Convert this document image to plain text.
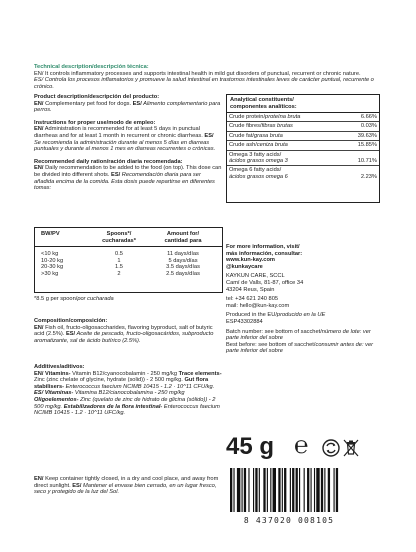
Technical description/descripción técnica:
EN/ It controls inflammatory processes and supports intestinal health in mild gut disorders of punctual, recurrent or chronic nature.
ES/ Controla los procesos inflamatorios y promueve la salud intestinal en trastornos intestinales leves de carácter puntual, recurrente o crónico.
Product description/descripción del producto:
EN/ Complementary pet food for dogs. ES/ Alimento complementario para perros.
Instructions for proper use/modo de empleo:
EN/ Administration is recommended for at least 5 days in punctual diarrheas and for at least 1 month in recurrent or chronic diarrheas. ES/ Se recomienda la administración durante al menos 5 días en diarreas puntuales y durante al menos 1 mes en diarreas recurrentes o crónicas.
Recommended daily ration/ración diaria recomendada:
EN/ Daily recommendation to be added to the food (on top). This dose can be divided into different shots. ES/ Recomendación diaria para ser añadida encima de la comida. Esta dosis puede repartirse en diferentes tomas:
BW/PV	Spoons*/
cucharadas*

Amount for/
cantidad para
<10 kg	0.5	11 days/días
10-20 kg	1	5 days/días
20-30 kg	1.5	3.5 days/días
>30 kg	2	2.5 days/días
*8.5 g per spoon/por cucharada
Composition/composición:
EN/ Fish oil, fructo-oligosaccharides, flavoring byproduct, salt of butyric acid (2.5%). ES/ Aceite de pescado, fructo-oligosacáridos, subproducto aromatizante, sal de ácido butírico (2.5%).
Additives/aditivos:
EN/ Vitamins- Vitamin B12/cyanocobalamin - 250 mg/kg Trace elements- Zinc (zinc chelate of glycine, hydrate (solid)) - 2 500 mg/kg. Gut flora stabilisers- Enterococcus faecium NCIMB 10415 - 1.2 · 10^11 CFU/kg.
ES/ Vitaminas- Vitamina B12/cianocobalamina - 250 mg/kg Oligoelementos- Zinc (quelato de zinc de hidrato de glicina (sólido)) - 2 500 mg/kg. Estabilizadores de la flora intestinal- Enterococcus faecium NCIMB 10415 - 1.2 · 10^11 UFC/kg.
EN/ Keep container tightly closed, in a dry and cool place, and away from direct sunlight. ES/ Mantener el envase bien cerrado, en un lugar fresco, seco y protegido de la luz del Sol.
Analytical constituents/
componentes analíticos:
Crude protein/proteína bruta	6.66%
Crude fibres/fibras brutas	0.03%
Crude fat/grasa bruta	39.63%
Crude ash/ceniza bruta	15.85%

Omega 3 fatty acids/
ácidos grasos omega 3	10.71%

Omega 6 fatty acids/
ácidos grasos omega 6	2.23%
For more information, visit/
más información, consultar:
www.kun-kay.com
@kunkaycare
KAYKUN CARE, SCCL
Camí de Valls, 81-87, office 34
43204 Reus, Spain
tel: +34 621 240 805
mail: hello@kun-kay.com
Produced in the EU/producido en la UE
ESP43302884
Batch number: see bottom of sacchet/número de lote: ver parte inferior del sobre
Best before: see bottom of sacchet/consumir antes de: ver parte inferior del sobre
45 g ℮
8 437020 008105
